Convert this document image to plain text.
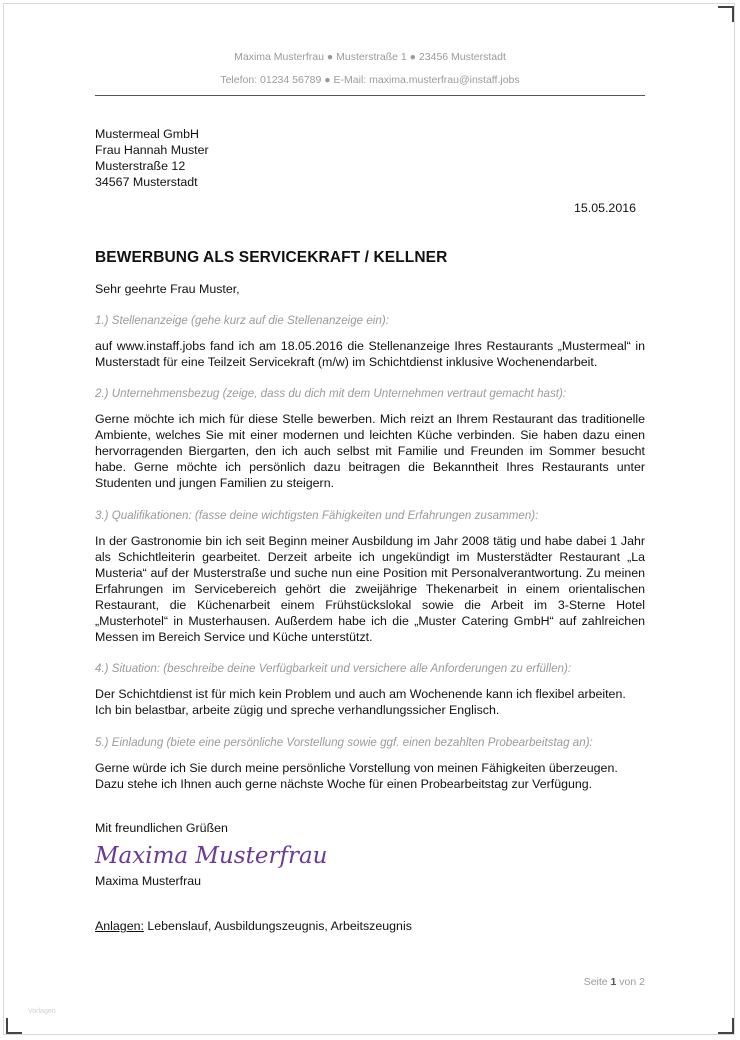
Maxima Musterfrau ● Musterstraße 1 ● 23456 Musterstadt
Telefon: 01234 56789 ● E-Mail: maxima.musterfrau@instaff.jobs
Mustermeal GmbH
Frau Hannah Muster
Musterstraße 12
34567 Musterstadt
15.05.2016
BEWERBUNG ALS SERVICEKRAFT / KELLNER
Sehr geehrte Frau Muster,
1.) Stellenanzeige (gehe kurz auf die Stellenanzeige ein):
auf www.instaff.jobs fand ich am 18.05.2016 die Stellenanzeige Ihres Restaurants „Mustermeal“ in Musterstadt für eine Teilzeit Servicekraft (m/w) im Schichtdienst inklusive Wochenendarbeit.
2.) Unternehmensbezug (zeige, dass du dich mit dem Unternehmen vertraut gemacht hast):
Gerne möchte ich mich für diese Stelle bewerben. Mich reizt an Ihrem Restaurant das traditionelle Ambiente, welches Sie mit einer modernen und leichten Küche verbinden. Sie haben dazu einen hervorragenden Biergarten, den ich auch selbst mit Familie und Freunden im Sommer besucht habe. Gerne möchte ich persönlich dazu beitragen die Bekanntheit Ihres Restaurants unter Studenten und jungen Familien zu steigern.
3.) Qualifikationen: (fasse deine wichtigsten Fähigkeiten und Erfahrungen zusammen):
In der Gastronomie bin ich seit Beginn meiner Ausbildung im Jahr 2008 tätig und habe dabei 1 Jahr als Schichtleiterin gearbeitet. Derzeit arbeite ich ungekündigt im Musterstädter Restaurant „La Musteria“ auf der Musterstraße und suche nun eine Position mit Personalverantwortung. Zu meinen Erfahrungen im Servicebereich gehört die zweijährige Thekenarbeit in einem orientalischen Restaurant, die Küchenarbeit einem Frühstückslokal sowie die Arbeit im 3-Sterne Hotel „Musterhotel“ in Musterhausen. Außerdem habe ich die „Muster Catering GmbH“ auf zahlreichen Messen im Bereich Service und Küche unterstützt.
4.) Situation: (beschreibe deine Verfügbarkeit und versichere alle Anforderungen zu erfüllen):
Der Schichtdienst ist für mich kein Problem und auch am Wochenende kann ich flexibel arbeiten. Ich bin belastbar, arbeite zügig und spreche verhandlungssicher Englisch.
5.) Einladung (biete eine persönliche Vorstellung sowie ggf. einen bezahlten Probearbeitstag an):
Gerne würde ich Sie durch meine persönliche Vorstellung von meinen Fähigkeiten überzeugen. Dazu stehe ich Ihnen auch gerne nächste Woche für einen Probearbeitstag zur Verfügung.
Mit freundlichen Grüßen
Maxima Musterfrau
Maxima Musterfrau
Anlagen: Lebenslauf, Ausbildungszeugnis, Arbeitszeugnis
Seite 1 von 2
Vorlagen
